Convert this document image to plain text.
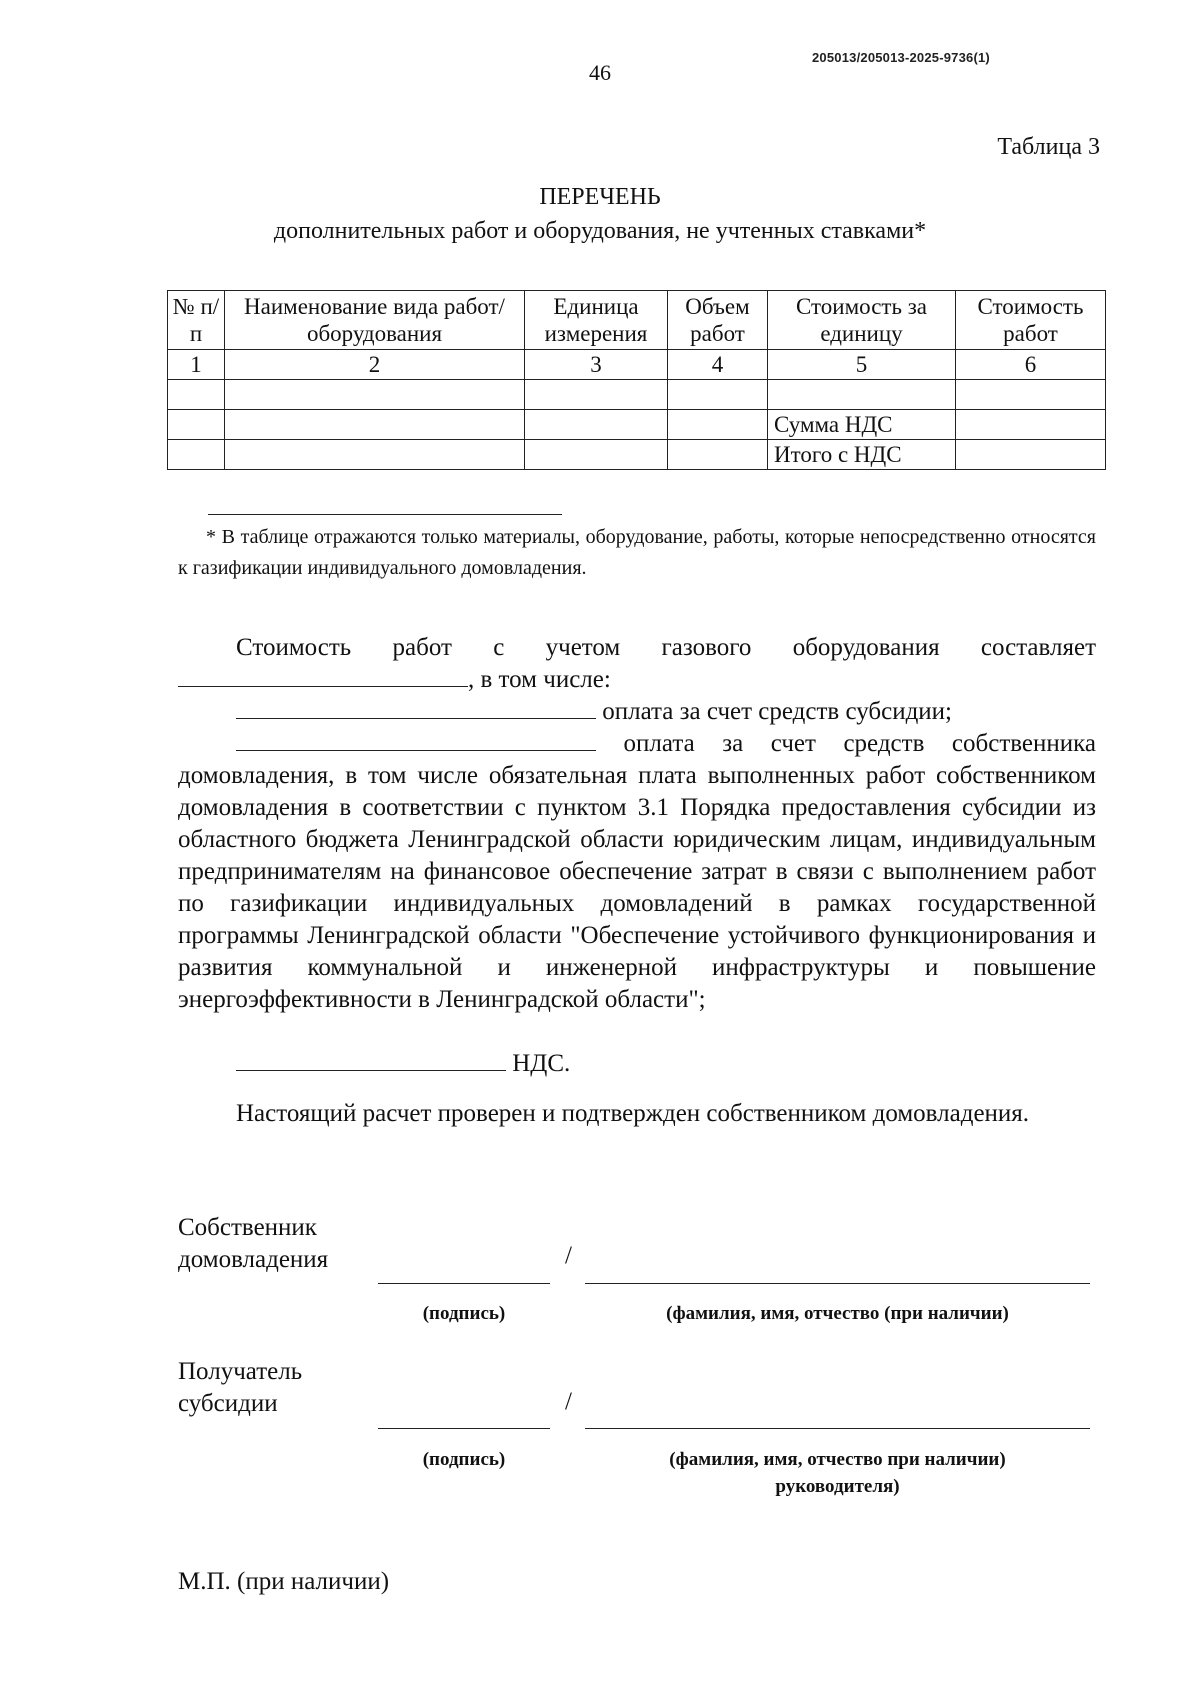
205013/205013-2025-9736(1)
46
Таблица 3
ПЕРЕЧЕНЬ
дополнительных работ и оборудования, не учтенных ставками*
№ п/п	Наименование вида работ/оборудования	Единица измерения	Объем работ	Стоимость за единицу	Стоимость работ
1	2	3	4	5	6

				Сумма НДС	
				Итого с НДС	
* В таблице отражаются только материалы, оборудование, работы, которые непосредственно относятся к газификации индивидуального домовладения.
Стоимость работ с учетом газового оборудования составляет
, в том числе:
оплата за счет средств субсидии;
оплата за счет средств собственника
домовладения, в том числе обязательная плата выполненных работ собственником домовладения в соответствии с пунктом 3.1 Порядка предоставления субсидии из областного бюджета Ленинградской области юридическим лицам, индивидуальным предпринимателям на финансовое обеспечение затрат в связи с выполнением работ по газификации индивидуальных домовладений в рамках государственной программы Ленинградской области "Обеспечение устойчивого функционирования и развития коммунальной и инженерной инфраструктуры и повышение энергоэффективности в Ленинградской области";
НДС.
Настоящий расчет проверен и подтвержден собственником домовладения.
Собственник
домовладения	/
(подпись)	(фамилия, имя, отчество (при наличии)
Получатель
субсидии	/
(подпись)	(фамилия, имя, отчество при наличии)
руководителя)
М.П. (при наличии)
